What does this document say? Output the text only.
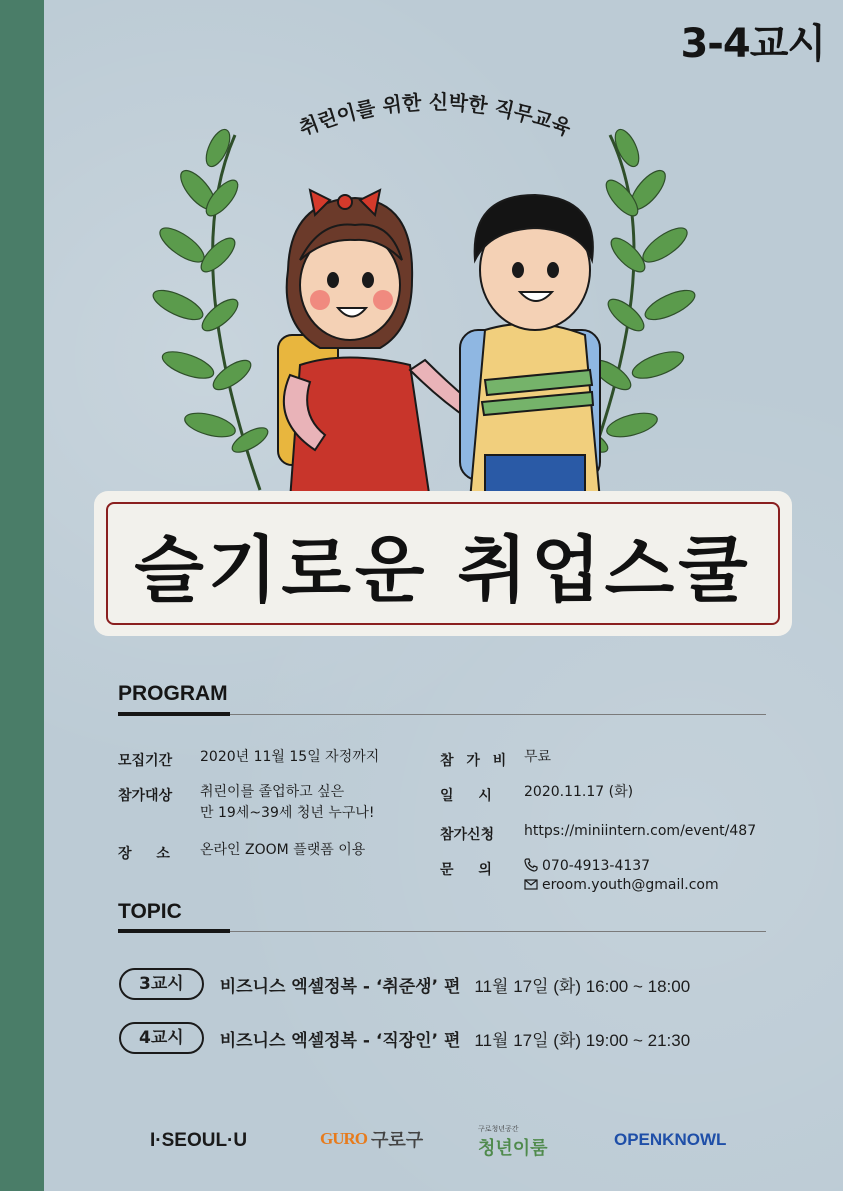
3-4교시
취린이를 위한 신박한 직무교육
슬기로운 취업스쿨
PROGRAM
모집기간 2020년 11월 15일 자정까지
참가대상 취린이를 졸업하고 싶은
만 19세~39세 청년 누구나!
장 소 온라인 ZOOM 플랫폼 이용
참 가 비 무료
일 시 2020.11.17 (화)
참가신청 https://miniintern.com/event/487
문 의	070-4913-4137
eroom.youth@gmail.com
TOPIC
3교시	비즈니스 엑셀정복 - ‘취준생’ 편 11월 17일 (화) 16:00 ~ 18:00
4교시	비즈니스 엑셀정복 - ‘직장인’ 편 11월 17일 (화) 19:00 ~ 21:30
I·SEOUL·U	GURO 구로구
구로청년공간
청년이룸	OPENKNOWL
